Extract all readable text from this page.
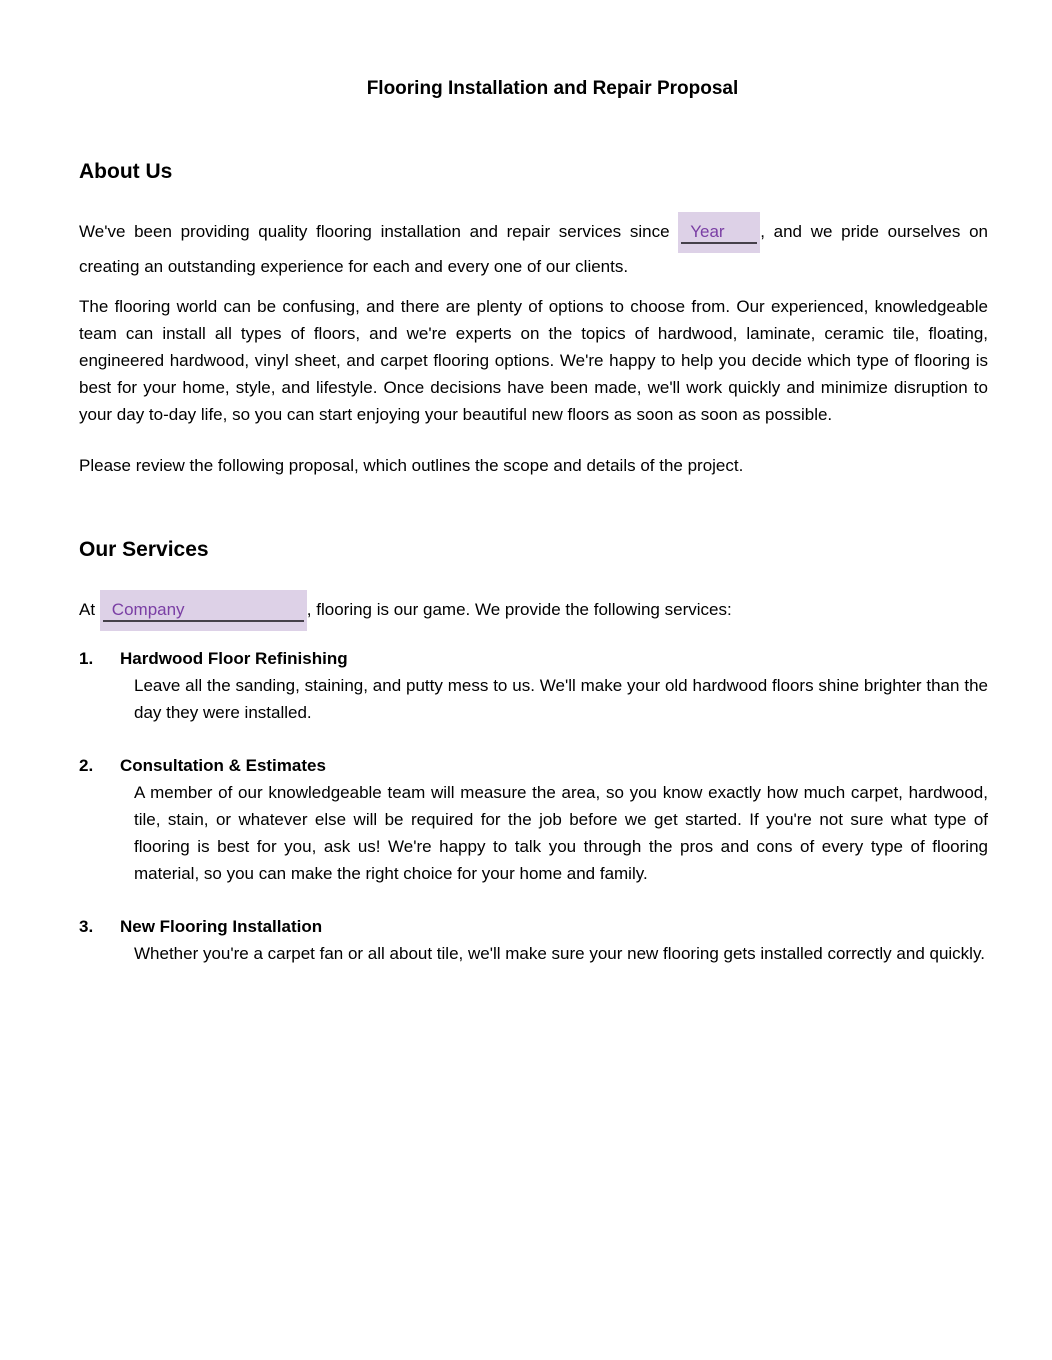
Flooring Installation and Repair Proposal
About Us

We've been providing quality flooring installation and repair services since Year , and we pride ourselves on creating an outstanding experience for each and every one of our clients.

The flooring world can be confusing, and there are plenty of options to choose from. Our experienced, knowledgeable team can install all types of floors, and we're experts on the topics of hardwood, laminate, ceramic tile, floating, engineered hardwood, vinyl sheet, and carpet flooring options. We're happy to help you decide which type of flooring is best for your home, style, and lifestyle. Once decisions have been made, we'll work quickly and minimize disruption to your day to-day life, so you can start enjoying your beautiful new floors as soon as soon as possible.

Please review the following proposal, which outlines the scope and details of the project.

Our Services

At Company	, flooring is our game. We provide the following services:

1.	Hardwood Floor Refinishing
Leave all the sanding, staining, and putty mess to us. We'll make your old hardwood floors shine brighter than the day they were installed.
2.	Consultation & Estimates
A member of our knowledgeable team will measure the area, so you know exactly how much carpet, hardwood, tile, stain, or whatever else will be required for the job before we get started. If you're not sure what type of flooring is best for you, ask us! We're happy to talk you through the pros and cons of every type of flooring material, so you can make the right choice for your home and family.
3.	New Flooring Installation
Whether you're a carpet fan or all about tile, we'll make sure your new flooring gets installed correctly and quickly.
